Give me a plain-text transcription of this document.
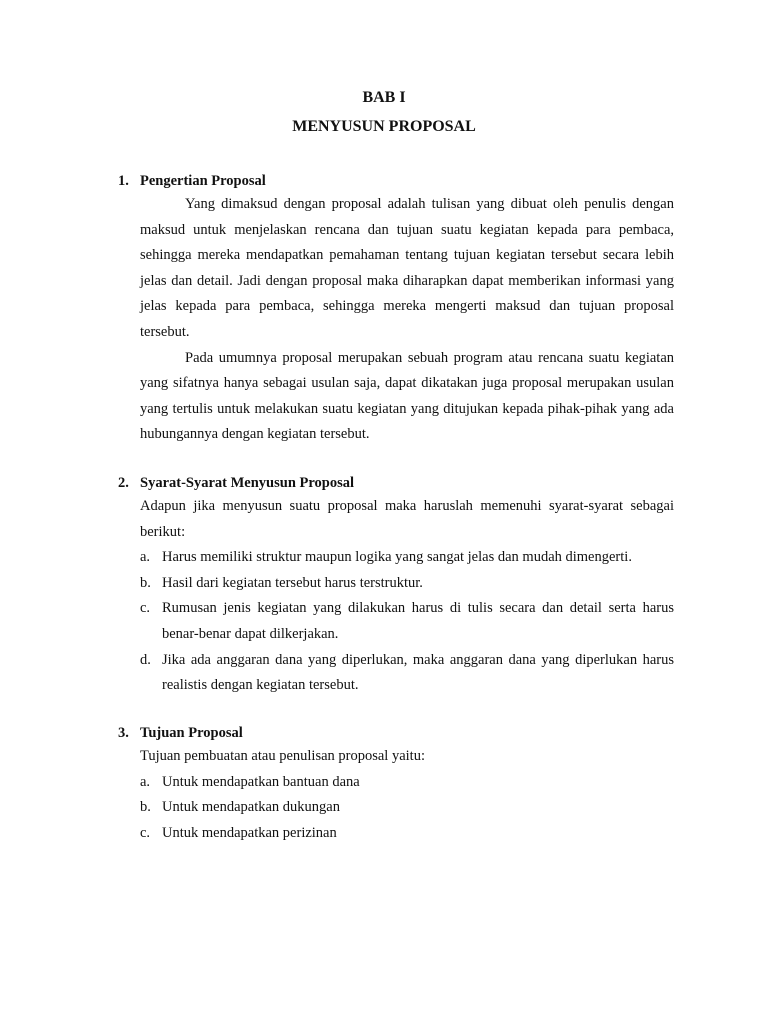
BAB I
MENYUSUN PROPOSAL
1. Pengertian Proposal

Yang dimaksud dengan proposal adalah tulisan yang dibuat oleh penulis dengan maksud untuk menjelaskan rencana dan tujuan suatu kegiatan kepada para pembaca, sehingga mereka mendapatkan pemahaman tentang tujuan kegiatan tersebut secara lebih jelas dan detail. Jadi dengan proposal maka diharapkan dapat memberikan informasi yang jelas kepada para pembaca, sehingga mereka mengerti maksud dan tujuan proposal tersebut.

Pada umumnya proposal merupakan sebuah program atau rencana suatu kegiatan yang sifatnya hanya sebagai usulan saja, dapat dikatakan juga proposal merupakan usulan yang tertulis untuk melakukan suatu kegiatan yang ditujukan kepada pihak-pihak yang ada hubungannya dengan kegiatan tersebut.

2. Syarat-Syarat Menyusun Proposal

Adapun jika menyusun suatu proposal maka haruslah memenuhi syarat-syarat sebagai berikut:

a. Harus memiliki struktur maupun logika yang sangat jelas dan mudah dimengerti.
b. Hasil dari kegiatan tersebut harus terstruktur.
c. Rumusan jenis kegiatan yang dilakukan harus di tulis secara dan detail serta harus benar-benar dapat dilkerjakan.
d. Jika ada anggaran dana yang diperlukan, maka anggaran dana yang diperlukan harus realistis dengan kegiatan tersebut.
3. Tujuan Proposal

Tujuan pembuatan atau penulisan proposal yaitu:

a. Untuk mendapatkan bantuan dana
b. Untuk mendapatkan dukungan
c. Untuk mendapatkan perizinan
